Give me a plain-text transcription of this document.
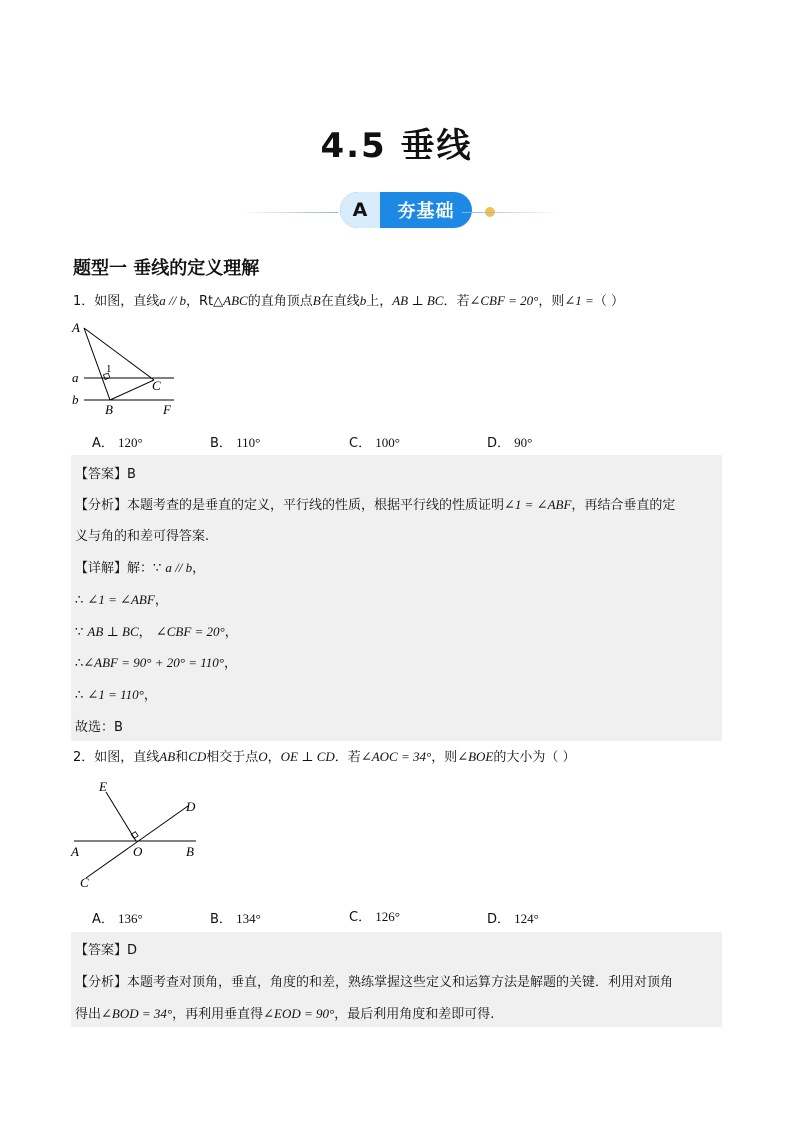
4.5 垂线
A	夯基础
题型一 垂线的定义理解
1．如图，直线a // b，Rt△ABC的直角顶点B在直线b上，AB ⊥ BC．若∠CBF = 20°，则∠1 =（ ）
A
a
b
1
C
B	F
A． 120°	B． 110°	C． 100°	D． 90°
【答案】B
【分析】本题考查的是垂直的定义，平行线的性质，根据平行线的性质证明∠1 = ∠ABF，再结合垂直的定
义与角的和差可得答案.
【详解】解：∵ a // b，
∴ ∠1 = ∠ABF，
∵ AB ⊥ BC， ∠CBF = 20°，
∴∠ABF = 90° + 20° = 110°，
∴ ∠1 = 110°，
故选：B
2．如图，直线AB和CD相交于点O，OE ⊥ CD．若∠AOC = 34°，则∠BOE的大小为（ ）
E
D
A	O	B
C
A． 136°	B． 134°	C． 126°	D． 124°
【答案】D
【分析】本题考查对顶角，垂直，角度的和差，熟练掌握这些定义和运算方法是解题的关键．利用对顶角
得出∠BOD = 34°，再利用垂直得∠EOD = 90°，最后利用角度和差即可得.
